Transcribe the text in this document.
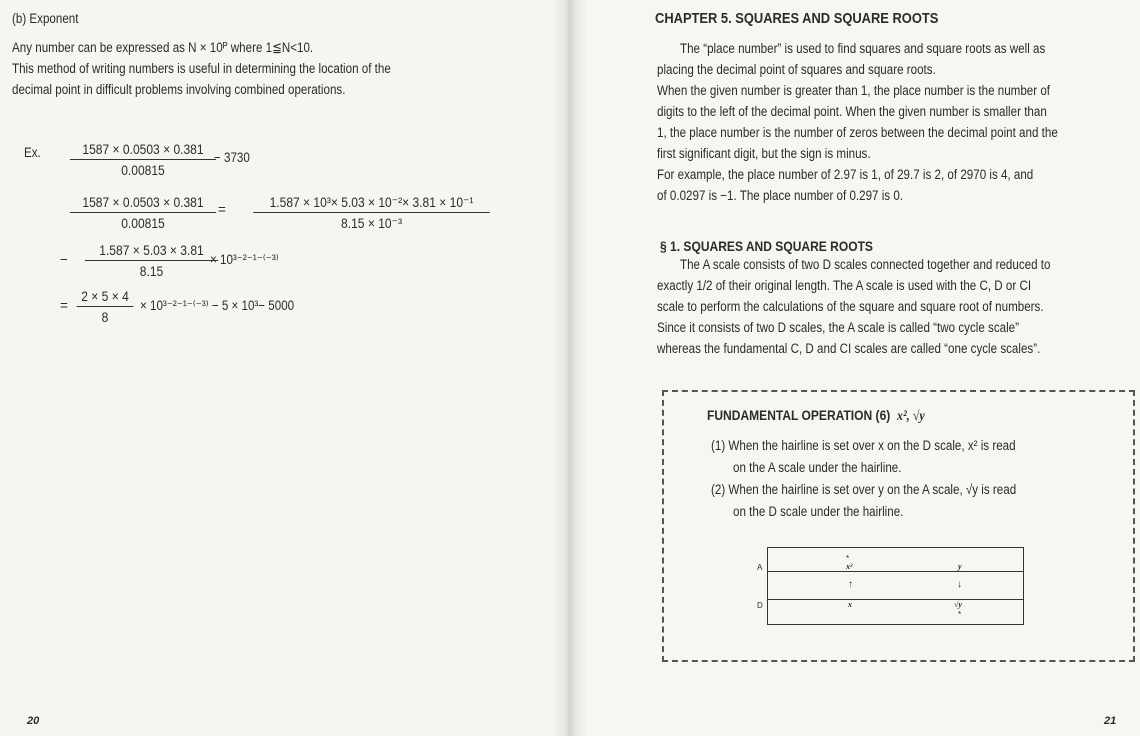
(b) Exponent
Any number can be expressed as N × 10ᴾ where 1≦N<10.
This method of writing numbers is useful in determining the location of the
decimal point in difficult problems involving combined operations.
Ex. $\frac{1587 \times 0.0503 \times 0.381}{0.00815}$
− 3730
$\frac{1587 \times 0.0503 \times 0.381}{0.00815} = \frac{\text{1.587 × 10³× 5.03 × 10⁻²× 3.81 × 10⁻¹}}{\text{8.15 × 10⁻³}}$
− $\frac{1.587 \times 5.03 \times 3.81}{8.15}$
× 10³⁻²⁻¹⁻⁽⁻³⁾
= $\frac{2 \times 5 \times 4}{8} \times 10^{3-2-1-(-3)} - 5 \times 10^3- 5000$
20
CHAPTER 5. SQUARES AND SQUARE ROOTS
The “place number” is used to find squares and square roots as well as
placing the decimal point of squares and square roots.
When the given number is greater than 1, the place number is the number of
digits to the left of the decimal point. When the given number is smaller than
1, the place number is the number of zeros between the decimal point and the
first significant digit, but the sign is minus.
For example, the place number of 2.97 is 1, of 29.7 is 2, of 2970 is 4, and
of 0.0297 is −1. The place number of 0.297 is 0.
§ 1. SQUARES AND SQUARE ROOTS
The A scale consists of two D scales connected together and reduced to
exactly 1/2 of their original length. The A scale is used with the C, D or CI
scale to perform the calculations of the square and square root of numbers.
Since it consists of two D scales, the A scale is called “two cycle scale”
whereas the fundamental C, D and CI scales are called “one cycle scales”.
FUNDAMENTAL OPERATION (6) x², √y
(1) When the hairline is set over x on the D scale, x² is read
on the A scale under the hairline.
(2) When the hairline is set over y on the A scale, √y is read
on the D scale under the hairline.
A
D
*
x²	y
↑	↓
x	√y
*
21
